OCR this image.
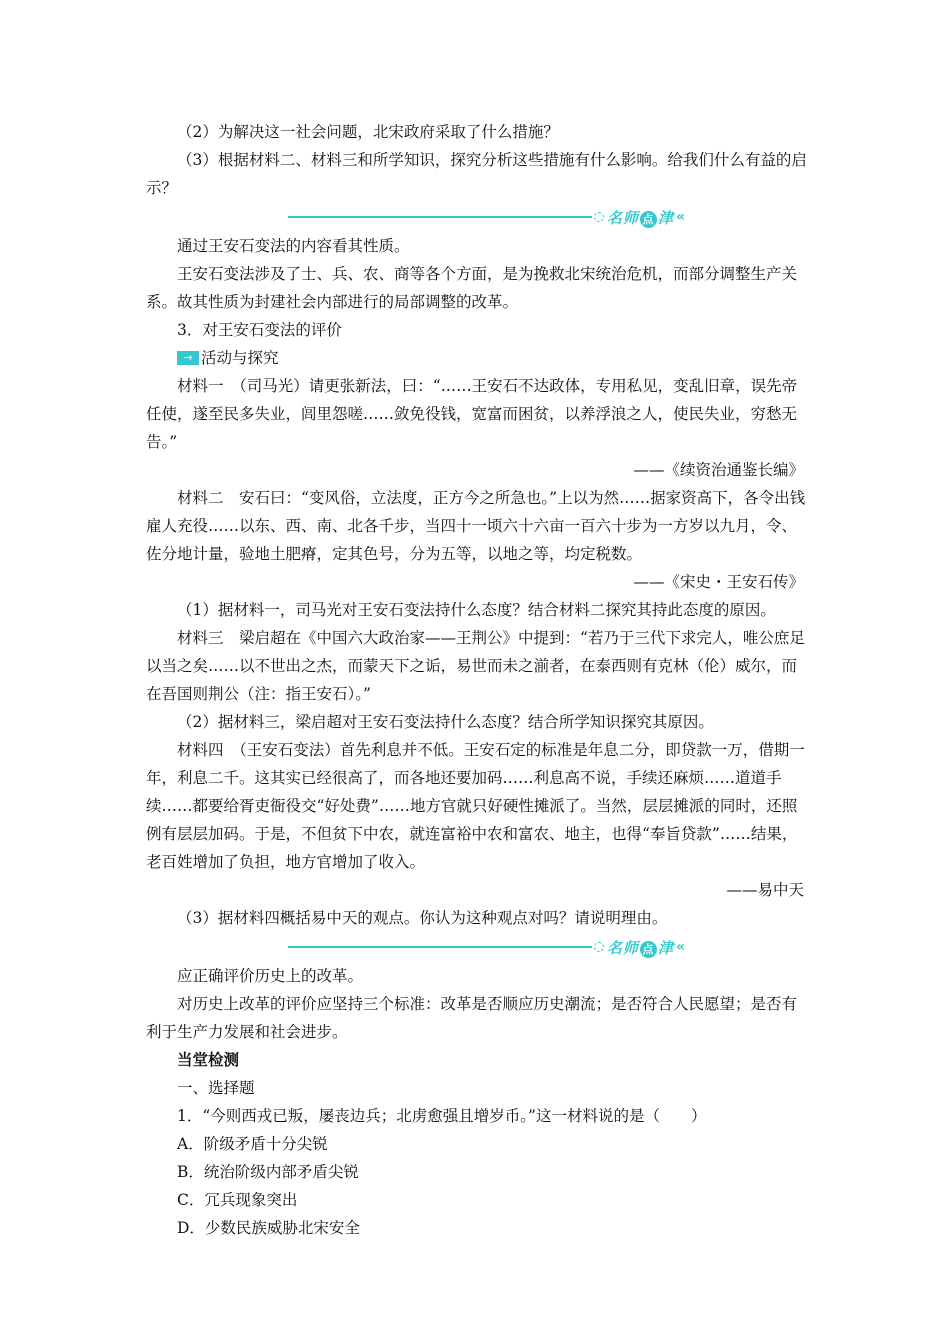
（2）为解决这一社会问题，北宋政府采取了什么措施？

（3）根据材料二、材料三和所学知识，探究分析这些措施有什么影响。给我们什么有益的启示？

名师 点 津 «

通过王安石变法的内容看其性质。

王安石变法涉及了士、兵、农、商等各个方面，是为挽救北宋统治危机，而部分调整生产关系。故其性质为封建社会内部进行的局部调整的改革。

3．对王安石变法的评价

→ 活动与探究

材料一　（司马光）请更张新法，曰：“……王安石不达政体，专用私见，变乱旧章，误先帝任使，遂至民多失业，闾里怨嗟……敛免役钱，宽富而困贫，以养浮浪之人，使民失业，穷愁无告。”

——《续资治通鉴长编》

材料二　安石曰：“变风俗，立法度，正方今之所急也。”上以为然……据家资高下，各令出钱雇人充役……以东、西、南、北各千步，当四十一顷六十六亩一百六十步为一方岁以九月，令、佐分地计量，验地土肥瘠，定其色号，分为五等，以地之等，均定税数。

——《宋史・王安石传》

（1）据材料一，司马光对王安石变法持什么态度？结合材料二探究其持此态度的原因。

材料三　梁启超在《中国六大政治家——王荆公》中提到：“若乃于三代下求完人，唯公庶足以当之矣……以不世出之杰，而蒙天下之诟，易世而未之湔者，在泰西则有克林（伦）威尔，而在吾国则荆公（注：指王安石）。”

（2）据材料三，梁启超对王安石变法持什么态度？结合所学知识探究其原因。

材料四　（王安石变法）首先利息并不低。王安石定的标准是年息二分，即贷款一万，借期一年，利息二千。这其实已经很高了，而各地还要加码……利息高不说，手续还麻烦……道道手续……都要给胥吏衙役交“好处费”……地方官就只好硬性摊派了。当然，层层摊派的同时，还照例有层层加码。于是，不但贫下中农，就连富裕中农和富农、地主，也得“奉旨贷款”……结果，老百姓增加了负担，地方官增加了收入。

——易中天

（3）据材料四概括易中天的观点。你认为这种观点对吗？请说明理由。

名师 点 津 «

应正确评价历史上的改革。

对历史上改革的评价应坚持三个标准：改革是否顺应历史潮流；是否符合人民愿望；是否有利于生产力发展和社会进步。

当堂检测

一、选择题

1．“今则西戎已叛，屡丧边兵；北虏愈强且增岁币。”这一材料说的是（　　）

A．阶级矛盾十分尖锐

B．统治阶级内部矛盾尖锐

C．冗兵现象突出

D．少数民族威胁北宋安全
